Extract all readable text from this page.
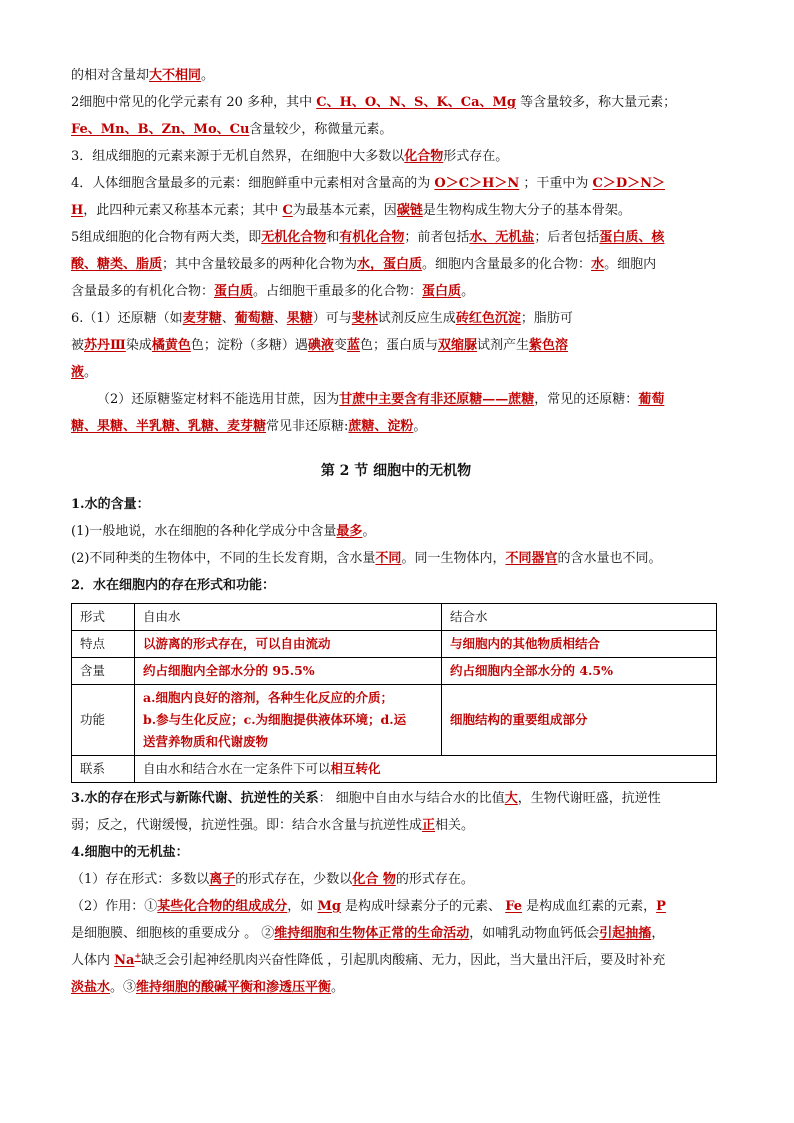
的相对含量却大不相同。

2细胞中常见的化学元素有 20 多种，其中 C、H、O、N、S、K、Ca、Mg 等含量较多，称大量元素；

Fe、Mn、B、Zn、Mo、Cu含量较少，称微量元素。

3．组成细胞的元素来源于无机自然界，在细胞中大多数以化合物形式存在。

4．人体细胞含量最多的元素：细胞鲜重中元素相对含量高的为 O＞C＞H＞N ；干重中为 C＞D＞N＞

H，此四种元素又称基本元素；其中 C为最基本元素，因碳链是生物构成生物大分子的基本骨架。

5组成细胞的化合物有两大类，即无机化合物和有机化合物；前者包括水、无机盐；后者包括蛋白质、核

酸、糖类、脂质；其中含量较最多的两种化合物为水，蛋白质。细胞内含量最多的化合物：水。细胞内

含量最多的有机化合物：蛋白质。占细胞干重最多的化合物：蛋白质。

6.（1）还原糖（如麦芽糖、葡萄糖、果糖）可与斐林试剂反应生成砖红色沉淀；脂肪可

被苏丹Ⅲ染成橘黄色色；淀粉（多糖）遇碘液变蓝色；蛋白质与双缩脲试剂产生紫色溶

液。

（2）还原糖鉴定材料不能选用甘蔗，因为甘蔗中主要含有非还原糖——蔗糖，常见的还原糖：葡萄

糖、果糖、半乳糖、乳糖、麦芽糖常见非还原糖:蔗糖、淀粉。

第 2 节 细胞中的无机物

1.水的含量：

(1)一般地说，水在细胞的各种化学成分中含量最多。

(2)不同种类的生物体中，不同的生长发育期，含水量不同。同一生物体内，不同器官的含水量也不同。

2．水在细胞内的存在形式和功能：

形式	自由水	结合水
特点	以游离的形式存在，可以自由流动	与细胞内的其他物质相结合
含量	约占细胞内全部水分的 95.5%	约占细胞内全部水分的 4.5%
功能	a.细胞内良好的溶剂，各种生化反应的介质；
b.参与生化反应；c.为细胞提供液体环境；d.运
送营养物质和代谢废物	细胞结构的重要组成部分
联系	自由水和结合水在一定条件下可以相互转化	

3.水的存在形式与新陈代谢、抗逆性的关系： 细胞中自由水与结合水的比值大，生物代谢旺盛，抗逆性

弱；反之，代谢缓慢，抗逆性强。即：结合水含量与抗逆性成正相关。

4.细胞中的无机盐：

（1）存在形式：多数以离子的形式存在，少数以化合 物的形式存在。

（2）作用：①某些化合物的组成成分，如 Mg 是构成叶绿素分子的元素、 Fe 是构成血红素的元素，P

是细胞膜、细胞核的重要成分 。 ②维持细胞和生物体正常的生命活动，如哺乳动物血钙低会引起抽搐，

人体内 Na+缺乏会引起神经肌肉兴奋性降低 ，引起肌肉酸痛、无力，因此，当大量出汗后，要及时补充

淡盐水。③维持细胞的酸碱平衡和渗透压平衡。
